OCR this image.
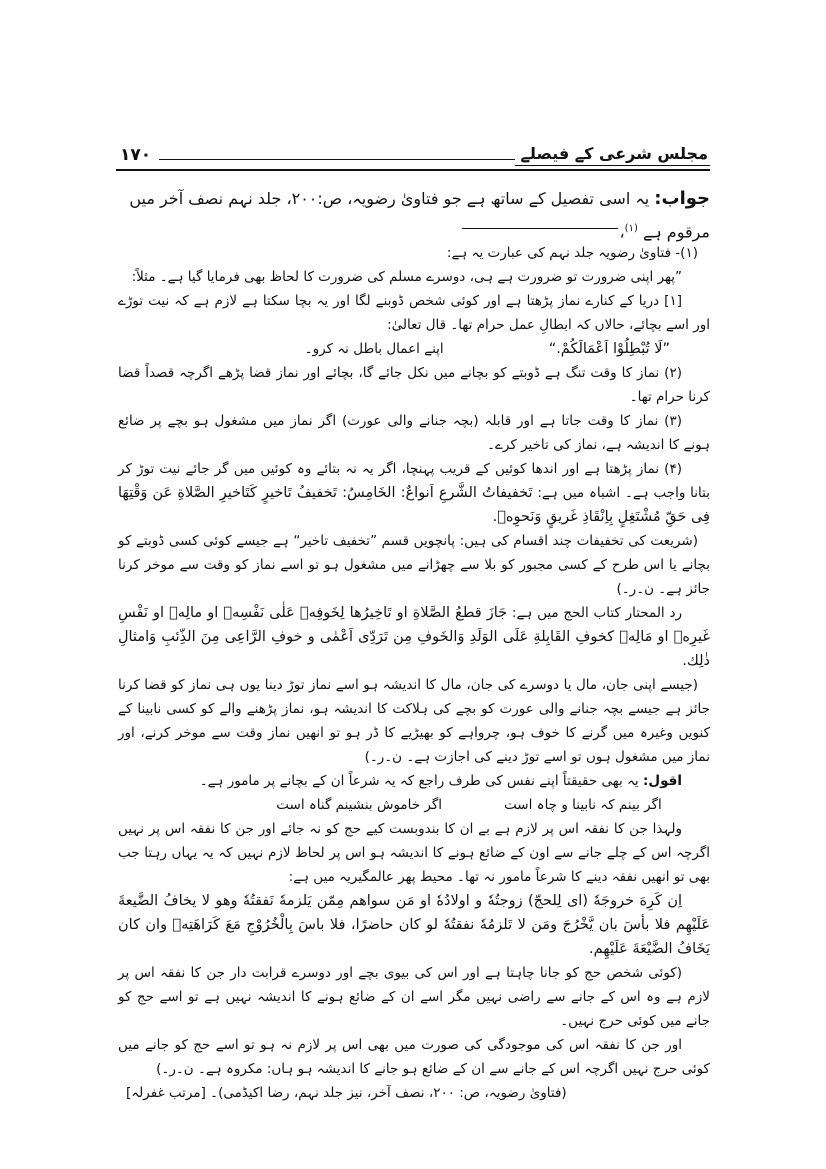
مجلس شرعی کے فیصلے
۱۷۰
جواب: یہ اسی تفصیل کے ساتھ ہے جو فتاویٰ رضویہ، ص:۲۰۰، جلد نہم نصف آخر میں مرقوم ہے $^{(۱)}$،

(۱)- فتاویٰ رضویہ جلد نہم کی عبارت یہ ہے:

”پھر اپنی ضرورت تو ضرورت ہے ہی، دوسرے مسلم کی ضرورت کا لحاظ بھی فرمایا گیا ہے۔ مثلاً:

[۱] دریا کے کنارے نماز پڑھتا ہے اور کوئی شخص ڈوبنے لگا اور یہ بچا سکتا ہے لازم ہے کہ نیت توڑے اور اسے بچائے، حالاں کہ ابطالِ عمل حرام تھا۔ قال تعالیٰ:

”لَا تُبْطِلُوْا اَعْمَالَكُمْ.“
اپنے اعمال باطل نہ کرو۔

(۲) نماز کا وقت تنگ ہے ڈوبتے کو بچانے میں نکل جائے گا، بچائے اور نماز قضا پڑھے اگرچہ قصداً قضا کرنا حرام تھا۔

(۳) نماز کا وقت جاتا ہے اور قابلہ (بچہ جنانے والی عورت) اگر نماز میں مشغول ہو بچے پر ضائع ہونے کا اندیشہ ہے، نماز کی تاخیر کرے۔

(۴) نماز پڑھتا ہے اور اندھا کوئیں کے قریب پہنچا، اگر یہ نہ بتائے وہ کوئیں میں گر جائے نیت توڑ کر بتانا واجب ہے۔ اشباہ میں ہے: تَخفیفاتُ الشَّرعِ اَنواعٌ: الخَامِسُ: تَخفیفُ تَاخیرٍ كَتَاخیرِ الصَّلاةِ عَن وَقْتِهَا فِی حَقِّ مُشْتَغِلٍ بِاِنْقَاذِ غَریقٍ وَنَحوِهٖ.

(شریعت کی تخفیفات چند اقسام کی ہیں: پانچویں قسم ”تخفیف تاخیر“ ہے جیسے کوئی کسی ڈوبتے کو بچانے یا اس طرح کے کسی مجبور کو بلا سے چھڑانے میں مشغول ہو تو اسے نماز کو وقت سے موخر کرنا جائز ہے۔ ن۔ر۔)

رد المحتار کتاب الحج میں ہے: جَازَ قطعُ الصَّلاةِ او تَاخِیرُها لِخَوفِهٖ عَلٰی نَفْسِهٖ او مالِهٖ او نَفْسِ غَیرِهٖ او مَالِهٖ كخوفِ القَابِلةِ عَلَی الوَلَدِ وَالخَوفِ مِن تَرَدِّی اَعْمٰی و خوفِ الرَّاعِی مِنَ الذِّئبِ وَامثالِ ذٰلِك.

(جیسے اپنی جان، مال یا دوسرے کی جان، مال کا اندیشہ ہو اسے نماز توڑ دینا یوں ہی نماز کو قضا کرنا جائز ہے جیسے بچہ جنانے والی عورت کو بچے کی ہلاکت کا اندیشہ ہو، نماز پڑھنے والے کو کسی نابینا کے کنویں وغیرہ میں گرنے کا خوف ہو، چرواہے کو بھیڑیے کا ڈر ہو تو انھیں نماز وقت سے موخر کرنے، اور نماز میں مشغول ہوں تو اسے توڑ دینے کی اجازت ہے۔ ن۔ر۔)

اقول: یہ بھی حقیقتاً اپنے نفس کی طرف راجع کہ یہ شرعاً ان کے بچانے پر مامور ہے۔

اگر بینم کہ نابینا و چاہ است
اگر خاموش بنشینم گناہ است

ولہذا جن کا نفقہ اس پر لازم ہے بے ان کا بندوبست کیے حج کو نہ جائے اور جن کا نفقہ اس پر نہیں اگرچہ اس کے چلے جانے سے اون کے ضائع ہونے کا اندیشہ ہو اس پر لحاظ لازم نہیں کہ یہ یہاں رہتا جب بھی تو انھیں نفقہ دینے کا شرعاً مامور نہ تھا۔ محیط پھر عالمگیریہ میں ہے:

اِن كَرِهَ خروجَهٗ (ای لِلحجّ) زوجتُهٗ و اولادُهٗ او مَن سواهم مِمّن یَلزمهٗ نَفقتُهٗ وهو لا یخافُ الضَّیعةَ عَلَیْهِم فلا بأسَ بان یَّخْرُجَ ومَن لا تَلزمُهٗ نفقتُهٗ لو كان حاضرًا، فلا باسَ بِالْخُرُوْجِ مَعَ كَرَاهَتِهٖ وان كان یَخَافُ الضَّیْعَةَ عَلَیْهِم.

(کوئی شخص حج کو جانا چاہتا ہے اور اس کی بیوی بچے اور دوسرے قرابت دار جن کا نفقہ اس پر لازم ہے وہ اس کے جانے سے راضی نہیں مگر اسے ان کے ضائع ہونے کا اندیشہ نہیں ہے تو اسے حج کو جانے میں کوئی حرج نہیں۔

اور جن کا نفقہ اس کی موجودگی کی صورت میں بھی اس پر لازم نہ ہو تو اسے حج کو جانے میں کوئی حرج نہیں اگرچہ اس کے جانے سے ان کے ضائع ہو جانے کا اندیشہ ہو ہاں: مکروہ ہے۔ ن۔ر۔)

(فتاویٰ رضویہ، ص: ۲۰۰، نصف آخر، نیز جلد نہم، رضا اکیڈمی)۔ [مرتب غفرلہ]
